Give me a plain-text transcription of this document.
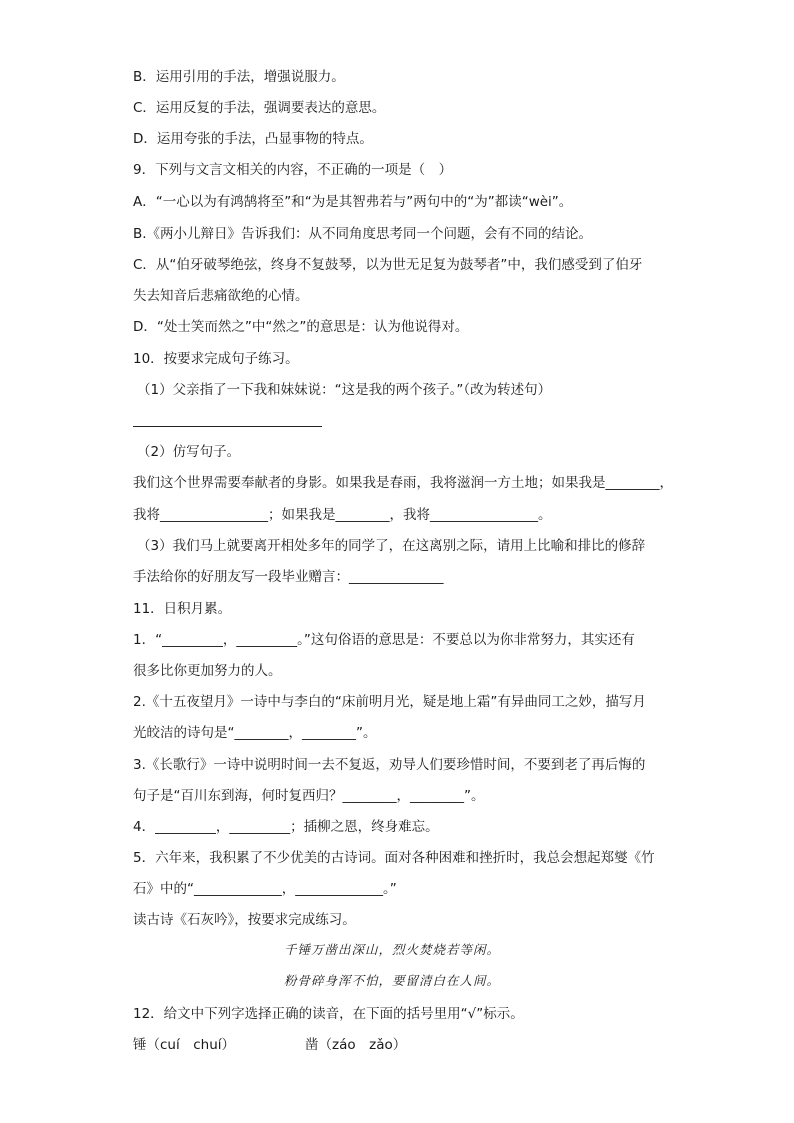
B．运用引用的手法，增强说服力。
C．运用反复的手法，强调要表达的意思。
D．运用夸张的手法，凸显事物的特点。
9．下列与文言文相关的内容，不正确的一项是（　）
A．“一心以为有鸿鹄将至”和“为是其智弗若与”两句中的“为”都读“wèi”。
B.《两小儿辩日》告诉我们：从不同角度思考同一个问题，会有不同的结论。
C．从“伯牙破琴绝弦，终身不复鼓琴，以为世无足复为鼓琴者”中，我们感受到了伯牙
失去知音后悲痛欲绝的心情。
D．“处士笑而然之”中“然之”的意思是：认为他说得对。
10．按要求完成句子练习。
（1）父亲指了一下我和妹妹说：“这是我的两个孩子。”（改为转述句）
（2）仿写句子。
我们这个世界需要奉献者的身影。如果我是春雨，我将滋润一方土地；如果我是________，
我将________________；如果我是________，我将________________。
（3）我们马上就要离开相处多年的同学了，在这离别之际，请用上比喻和排比的修辞
手法给你的好朋友写一段毕业赠言：______________
11．日积月累。
1．“_________，_________。”这句俗语的意思是：不要总以为你非常努力，其实还有
很多比你更加努力的人。
2.《十五夜望月》一诗中与李白的“床前明月光，疑是地上霜”有异曲同工之妙，描写月
光皎洁的诗句是“________，________”。
3.《长歌行》一诗中说明时间一去不复返，劝导人们要珍惜时间，不要到老了再后悔的
句子是“百川东到海，何时复西归？________，________”。
4．_________，_________；插柳之恩，终身难忘。
5．六年来，我积累了不少优美的古诗词。面对各种困难和挫折时，我总会想起郑燮《竹
石》中的“_____________，_____________。”
读古诗《石灰吟》，按要求完成练习。
千锤万凿出深山，烈火焚烧若等闲。
粉骨碎身浑不怕，要留清白在人间。
12．给文中下列字选择正确的读音，在下面的括号里用“√”标示。
锤（cuí　chuí）	凿（záo　zǎo）
